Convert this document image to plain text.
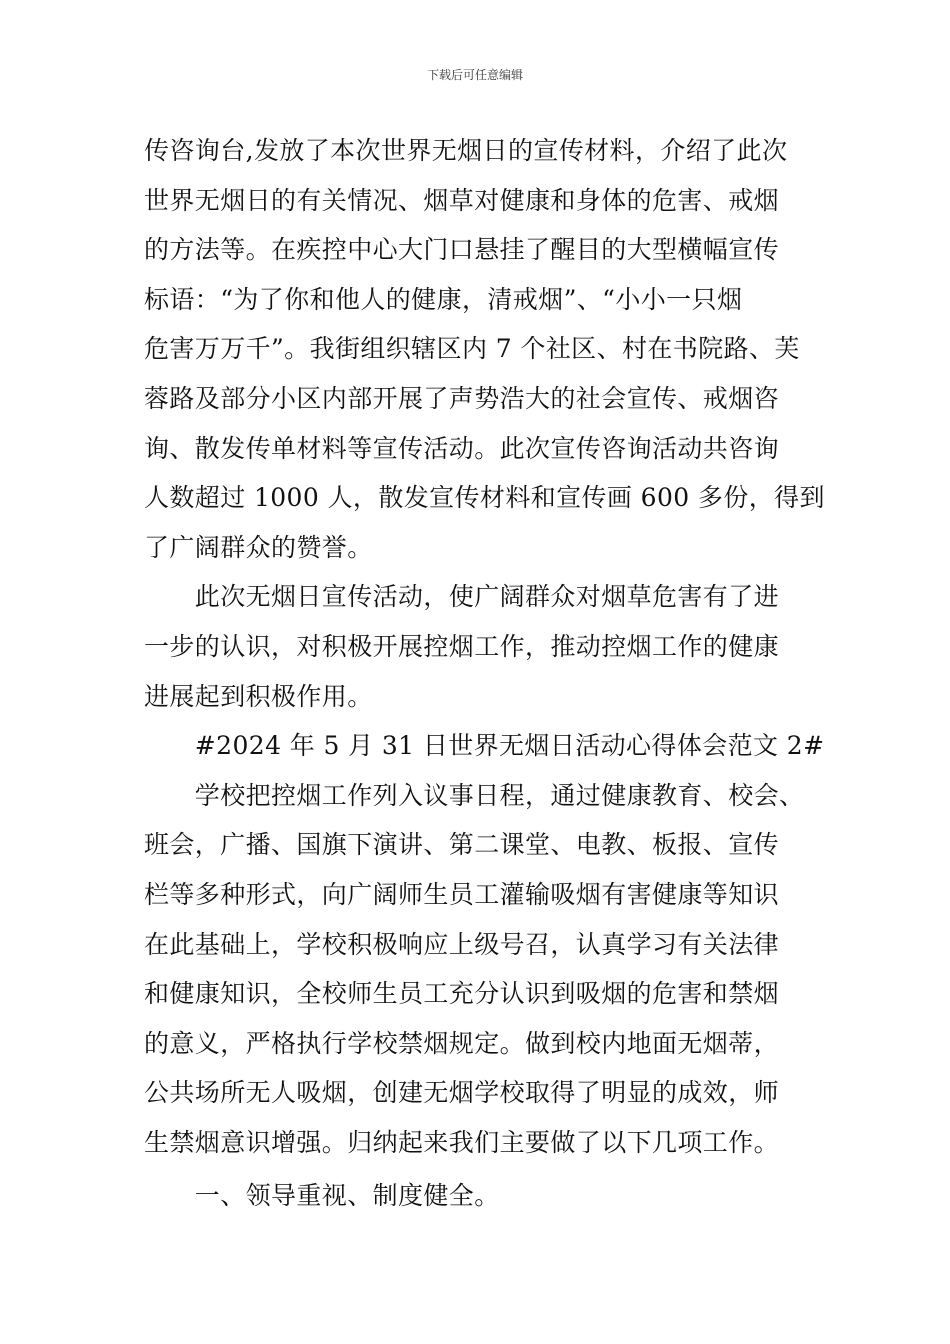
下载后可任意编辑
传咨询台,发放了本次世界无烟日的宣传材料，介绍了此次
世界无烟日的有关情况、烟草对健康和身体的危害、戒烟
的方法等。在疾控中心大门口悬挂了醒目的大型横幅宣传
标语：“为了你和他人的健康，清戒烟”、“小小一只烟
危害万万千”。我街组织辖区内 7 个社区、村在书院路、芙
蓉路及部分小区内部开展了声势浩大的社会宣传、戒烟咨
询、散发传单材料等宣传活动。此次宣传咨询活动共咨询
人数超过 1000 人，散发宣传材料和宣传画 600 多份，得到
了广阔群众的赞誉。
　　此次无烟日宣传活动，使广阔群众对烟草危害有了进
一步的认识，对积极开展控烟工作，推动控烟工作的健康
进展起到积极作用。
　　#2024 年 5 月 31 日世界无烟日活动心得体会范文 2#
　　学校把控烟工作列入议事日程，通过健康教育、校会、
班会，广播、国旗下演讲、第二课堂、电教、板报、宣传
栏等多种形式，向广阔师生员工灌输吸烟有害健康等知识
在此基础上，学校积极响应上级号召，认真学习有关法律
和健康知识，全校师生员工充分认识到吸烟的危害和禁烟
的意义，严格执行学校禁烟规定。做到校内地面无烟蒂，
公共场所无人吸烟，创建无烟学校取得了明显的成效，师
生禁烟意识增强。归纳起来我们主要做了以下几项工作。
　　一、领导重视、制度健全。
